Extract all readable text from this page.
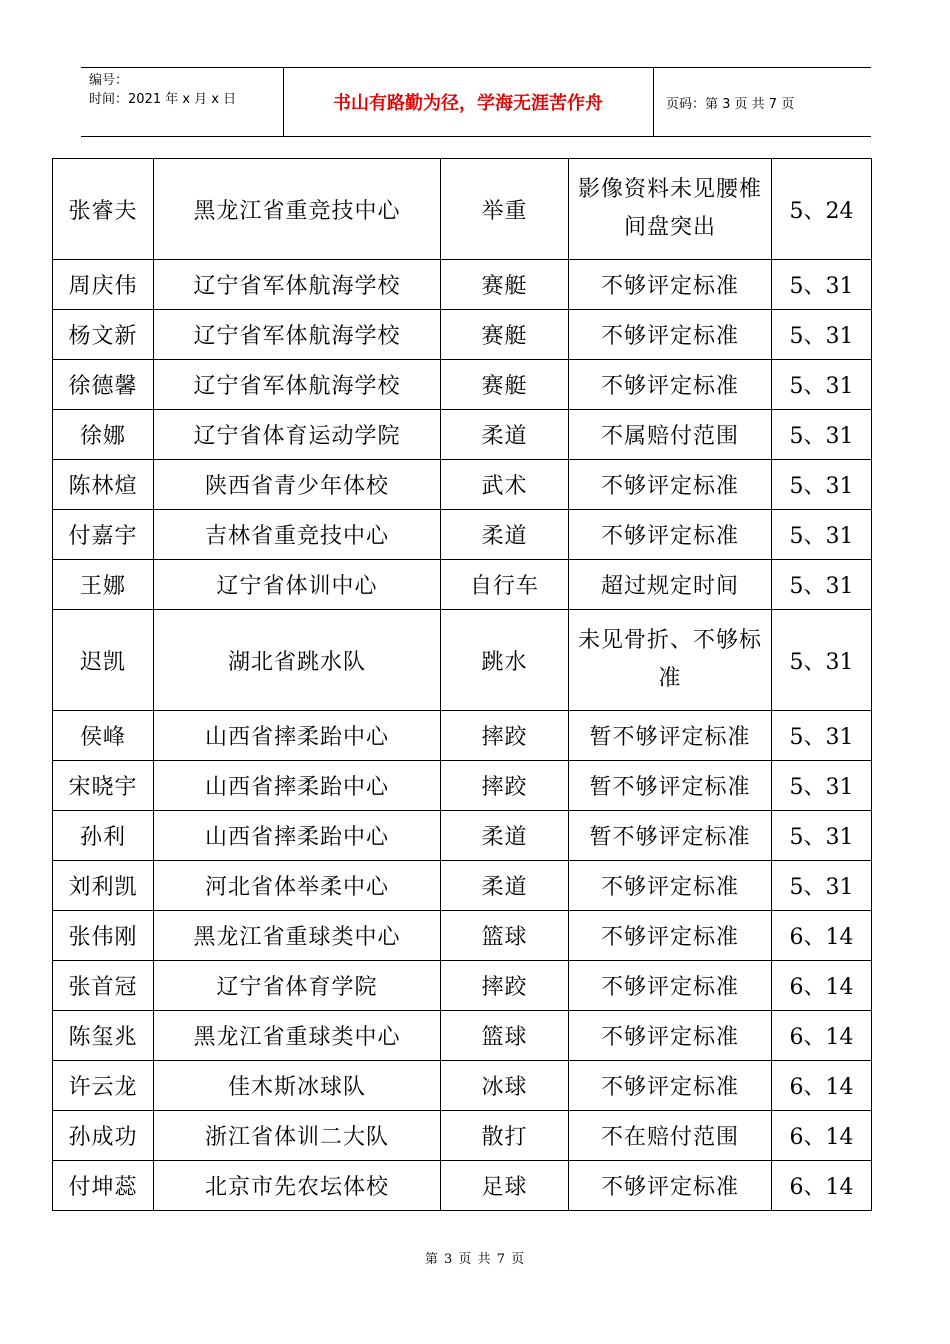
编号：
时间：2021 年 x 月 x 日	书山有路勤为径，学海无涯苦作舟	页码：第 3 页 共 7 页
张睿夫	黑龙江省重竞技中心	举重	影像资料未见腰椎间盘突出	5、24
周庆伟	辽宁省军体航海学校	赛艇	不够评定标准	5、31
杨文新	辽宁省军体航海学校	赛艇	不够评定标准	5、31
徐德馨	辽宁省军体航海学校	赛艇	不够评定标准	5、31
徐娜	辽宁省体育运动学院	柔道	不属赔付范围	5、31
陈林煊	陕西省青少年体校	武术	不够评定标准	5、31
付嘉宇	吉林省重竞技中心	柔道	不够评定标准	5、31
王娜	辽宁省体训中心	自行车	超过规定时间	5、31
迟凯	湖北省跳水队	跳水	未见骨折、不够标准	5、31
侯峰	山西省摔柔跆中心	摔跤	暂不够评定标准	5、31
宋晓宇	山西省摔柔跆中心	摔跤	暂不够评定标准	5、31
孙利	山西省摔柔跆中心	柔道	暂不够评定标准	5、31
刘利凯	河北省体举柔中心	柔道	不够评定标准	5、31
张伟刚	黑龙江省重球类中心	篮球	不够评定标准	6、14
张首冠	辽宁省体育学院	摔跤	不够评定标准	6、14
陈玺兆	黑龙江省重球类中心	篮球	不够评定标准	6、14
许云龙	佳木斯冰球队	冰球	不够评定标准	6、14
孙成功	浙江省体训二大队	散打	不在赔付范围	6、14
付坤蕊	北京市先农坛体校	足球	不够评定标准	6、14
第 3 页 共 7 页
